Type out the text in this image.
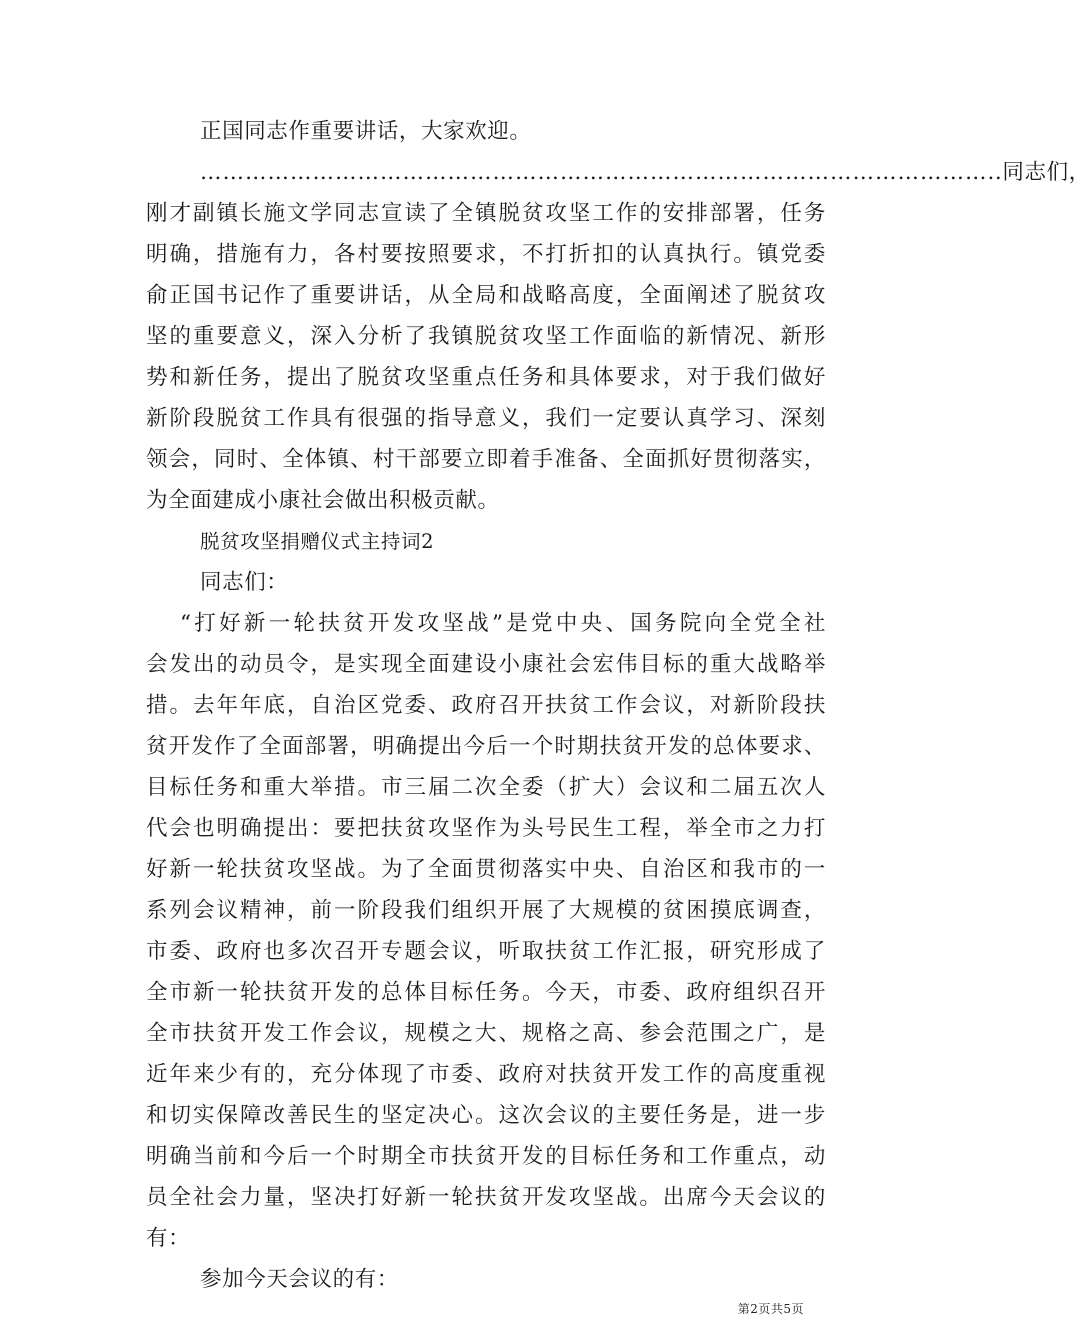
正国同志作重要讲话，大家欢迎。
…………………………………………………………………………………………… ..同志们，
刚才副镇长施文学同志宣读了全镇脱贫攻坚工作的安排部署，任务
明确，措施有力，各村要按照要求，不打折扣的认真执行。镇党委
俞正国书记作了重要讲话，从全局和战略高度，全面阐述了脱贫攻
坚的重要意义，深入分析了我镇脱贫攻坚工作面临的新情况、新形
势和新任务，提出了脱贫攻坚重点任务和具体要求，对于我们做好
新阶段脱贫工作具有很强的指导意义，我们一定要认真学习、深刻
领会，同时、全体镇、村干部要立即着手准备、全面抓好贯彻落实，
为全面建成小康社会做出积极贡献。
脱贫攻坚捐赠仪式主持词2
同志们：
“打好新一轮扶贫开发攻坚战”是党中央、国务院向全党全社
会发出的动员令，是实现全面建设小康社会宏伟目标的重大战略举
措。去年年底，自治区党委、政府召开扶贫工作会议，对新阶段扶
贫开发作了全面部署，明确提出今后一个时期扶贫开发的总体要求、
目标任务和重大举措。市三届二次全委（扩大）会议和二届五次人
代会也明确提出：要把扶贫攻坚作为头号民生工程，举全市之力打
好新一轮扶贫攻坚战。为了全面贯彻落实中央、自治区和我市的一
系列会议精神，前一阶段我们组织开展了大规模的贫困摸底调查，
市委、政府也多次召开专题会议，听取扶贫工作汇报，研究形成了
全市新一轮扶贫开发的总体目标任务。今天，市委、政府组织召开
全市扶贫开发工作会议，规模之大、规格之高、参会范围之广，是
近年来少有的，充分体现了市委、政府对扶贫开发工作的高度重视
和切实保障改善民生的坚定决心。这次会议的主要任务是，进一步
明确当前和今后一个时期全市扶贫开发的目标任务和工作重点，动
员全社会力量，坚决打好新一轮扶贫开发攻坚战。出席今天会议的
有：
参加今天会议的有：
第2页共5页
